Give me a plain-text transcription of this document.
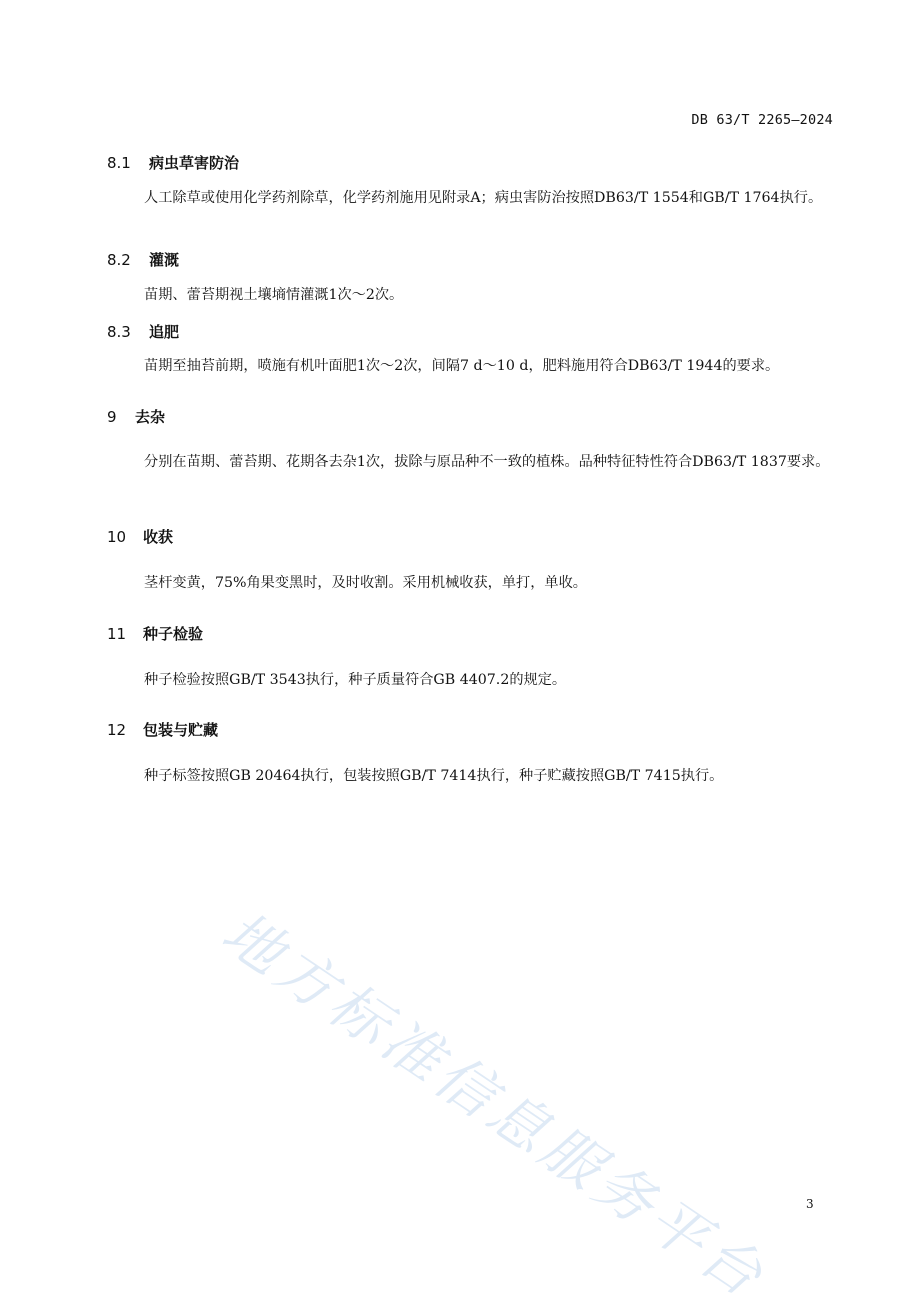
DB 63/T 2265—2024
8.1 病虫草害防治
人工除草或使用化学药剂除草，化学药剂施用见附录A；病虫害防治按照DB63/T 1554和GB/T 1764执行。
8.2 灌溉
苗期、蕾苔期视土壤墒情灌溉1次～2次。
8.3 追肥
苗期至抽苔前期，喷施有机叶面肥1次～2次，间隔7 d～10 d，肥料施用符合DB63/T 1944的要求。
9 去杂
分别在苗期、蕾苔期、花期各去杂1次，拔除与原品种不一致的植株。品种特征特性符合DB63/T 1837要求。
10 收获
茎杆变黄，75%角果变黑时，及时收割。采用机械收获，单打，单收。
11 种子检验
种子检验按照GB/T 3543执行，种子质量符合GB 4407.2的规定。
12 包装与贮藏
种子标签按照GB 20464执行，包装按照GB/T 7414执行，种子贮藏按照GB/T 7415执行。
地方标准信息服务平台	3
